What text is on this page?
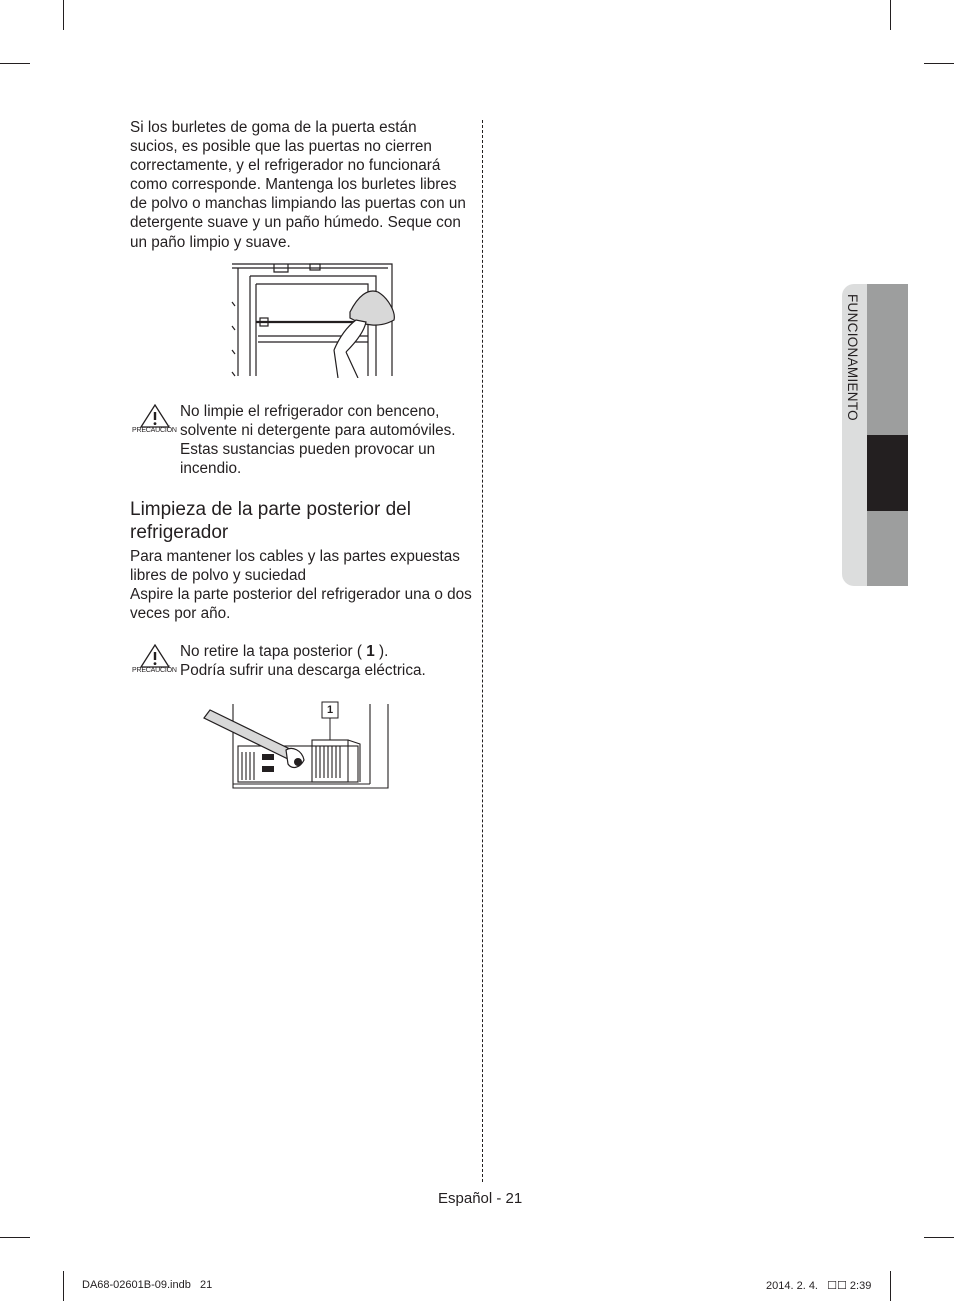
Si los burletes de goma de la puerta están
sucios, es posible que las puertas no cierren
correctamente, y el refrigerador no funcionará
como corresponde. Mantenga los burletes libres
de polvo o manchas limpiando las puertas con un
detergente suave y un paño húmedo. Seque con
un paño limpio y suave.
PRECAUCIÓN
No limpie el refrigerador con benceno,
solvente ni detergente para automóviles.
Estas sustancias pueden provocar un
incendio.
Limpieza de la parte posterior del
refrigerador
Para mantener los cables y las partes expuestas
libres de polvo y suciedad
Aspire la parte posterior del refrigerador una o dos
veces por año.
PRECAUCIÓN
No retire la tapa posterior ( 1 ).
Podría sufrir una descarga eléctrica.
1
FUNCIONAMIENTO
Español - 21
DA68-02601B-09.indb   21	2014. 2. 4.   ☐☐ 2:39
